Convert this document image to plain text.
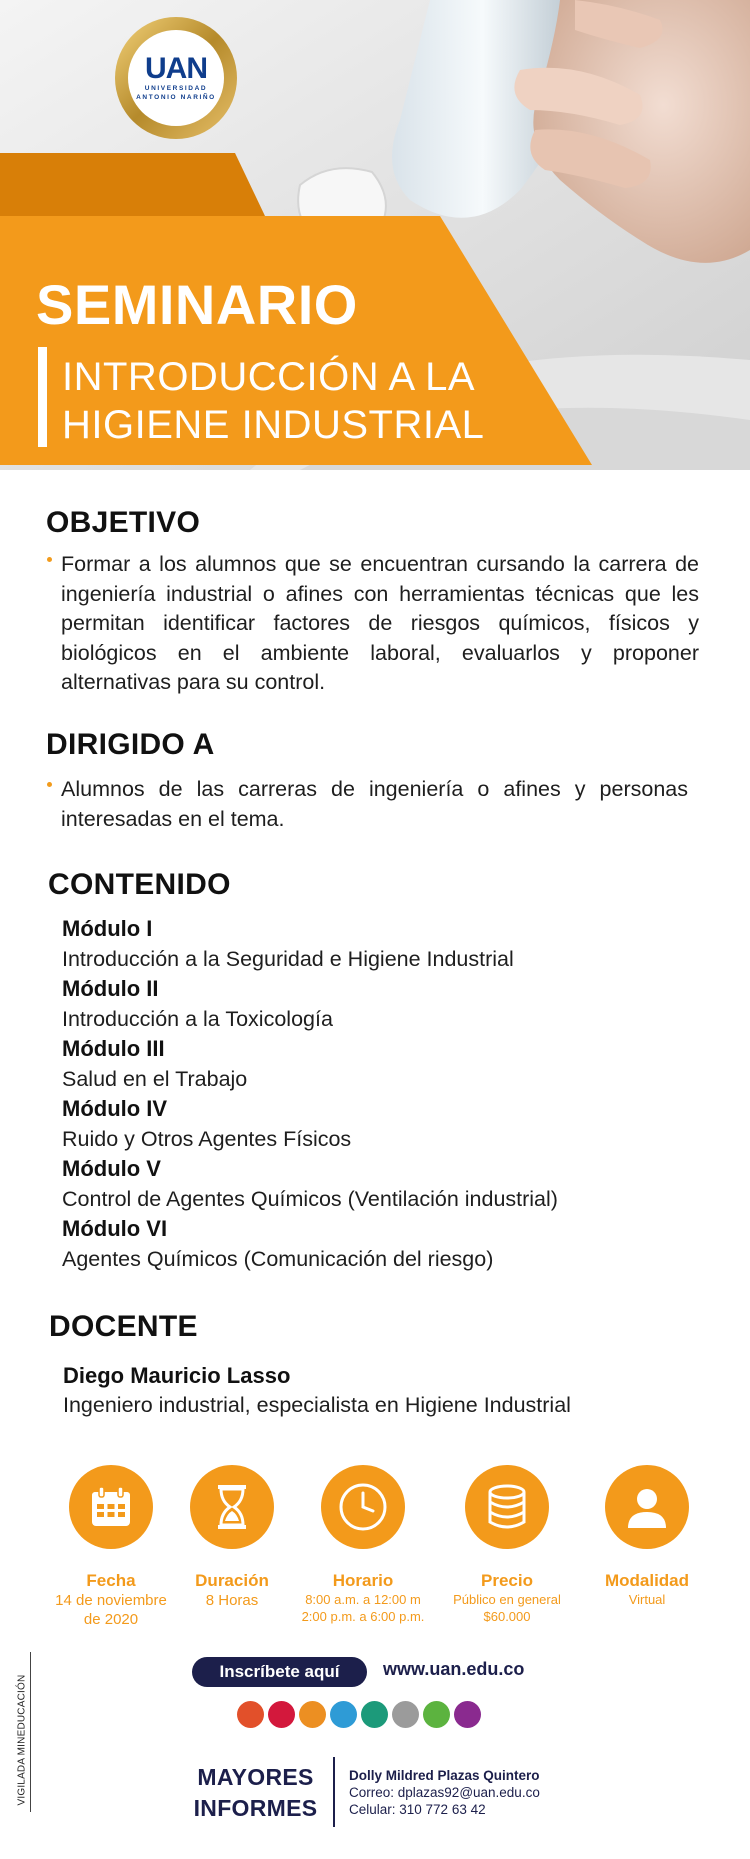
UAN
UNIVERSIDAD
ANTONIO NARIÑO
SEMINARIO
INTRODUCCIÓN A LA
HIGIENE INDUSTRIAL
OBJETIVO
Formar a los alumnos que se encuentran cursando la carrera de ingeniería industrial o afines con herramientas técnicas que les permitan identificar factores de riesgos químicos, físicos y biológicos en el ambiente laboral, evaluarlos y proponer alternativas para su control.
DIRIGIDO A
Alumnos de las carreras de ingeniería o afines y personas interesadas en el tema.
CONTENIDO
Módulo I
Introducción a la Seguridad e Higiene Industrial
Módulo II
Introducción a la Toxicología
Módulo III
Salud en el Trabajo
Módulo IV
Ruido y Otros Agentes Físicos
Módulo V
Control de Agentes Químicos (Ventilación industrial)
Módulo VI
Agentes Químicos (Comunicación del riesgo)
DOCENTE
Diego Mauricio Lasso
Ingeniero industrial, especialista en Higiene Industrial
Fecha
14 de noviembre
de 2020
Duración
8 Horas
Horario
8:00 a.m. a 12:00 m
2:00 p.m. a 6:00 p.m.
Precio
Público en general
$60.000
Modalidad
Virtual
VIGILADA MINEDUCACIÓN
Inscríbete aquí	www.uan.edu.co
MAYORES
INFORMES
Dolly Mildred Plazas Quintero
Correo: dplazas92@uan.edu.co
Celular: 310 772 63 42
